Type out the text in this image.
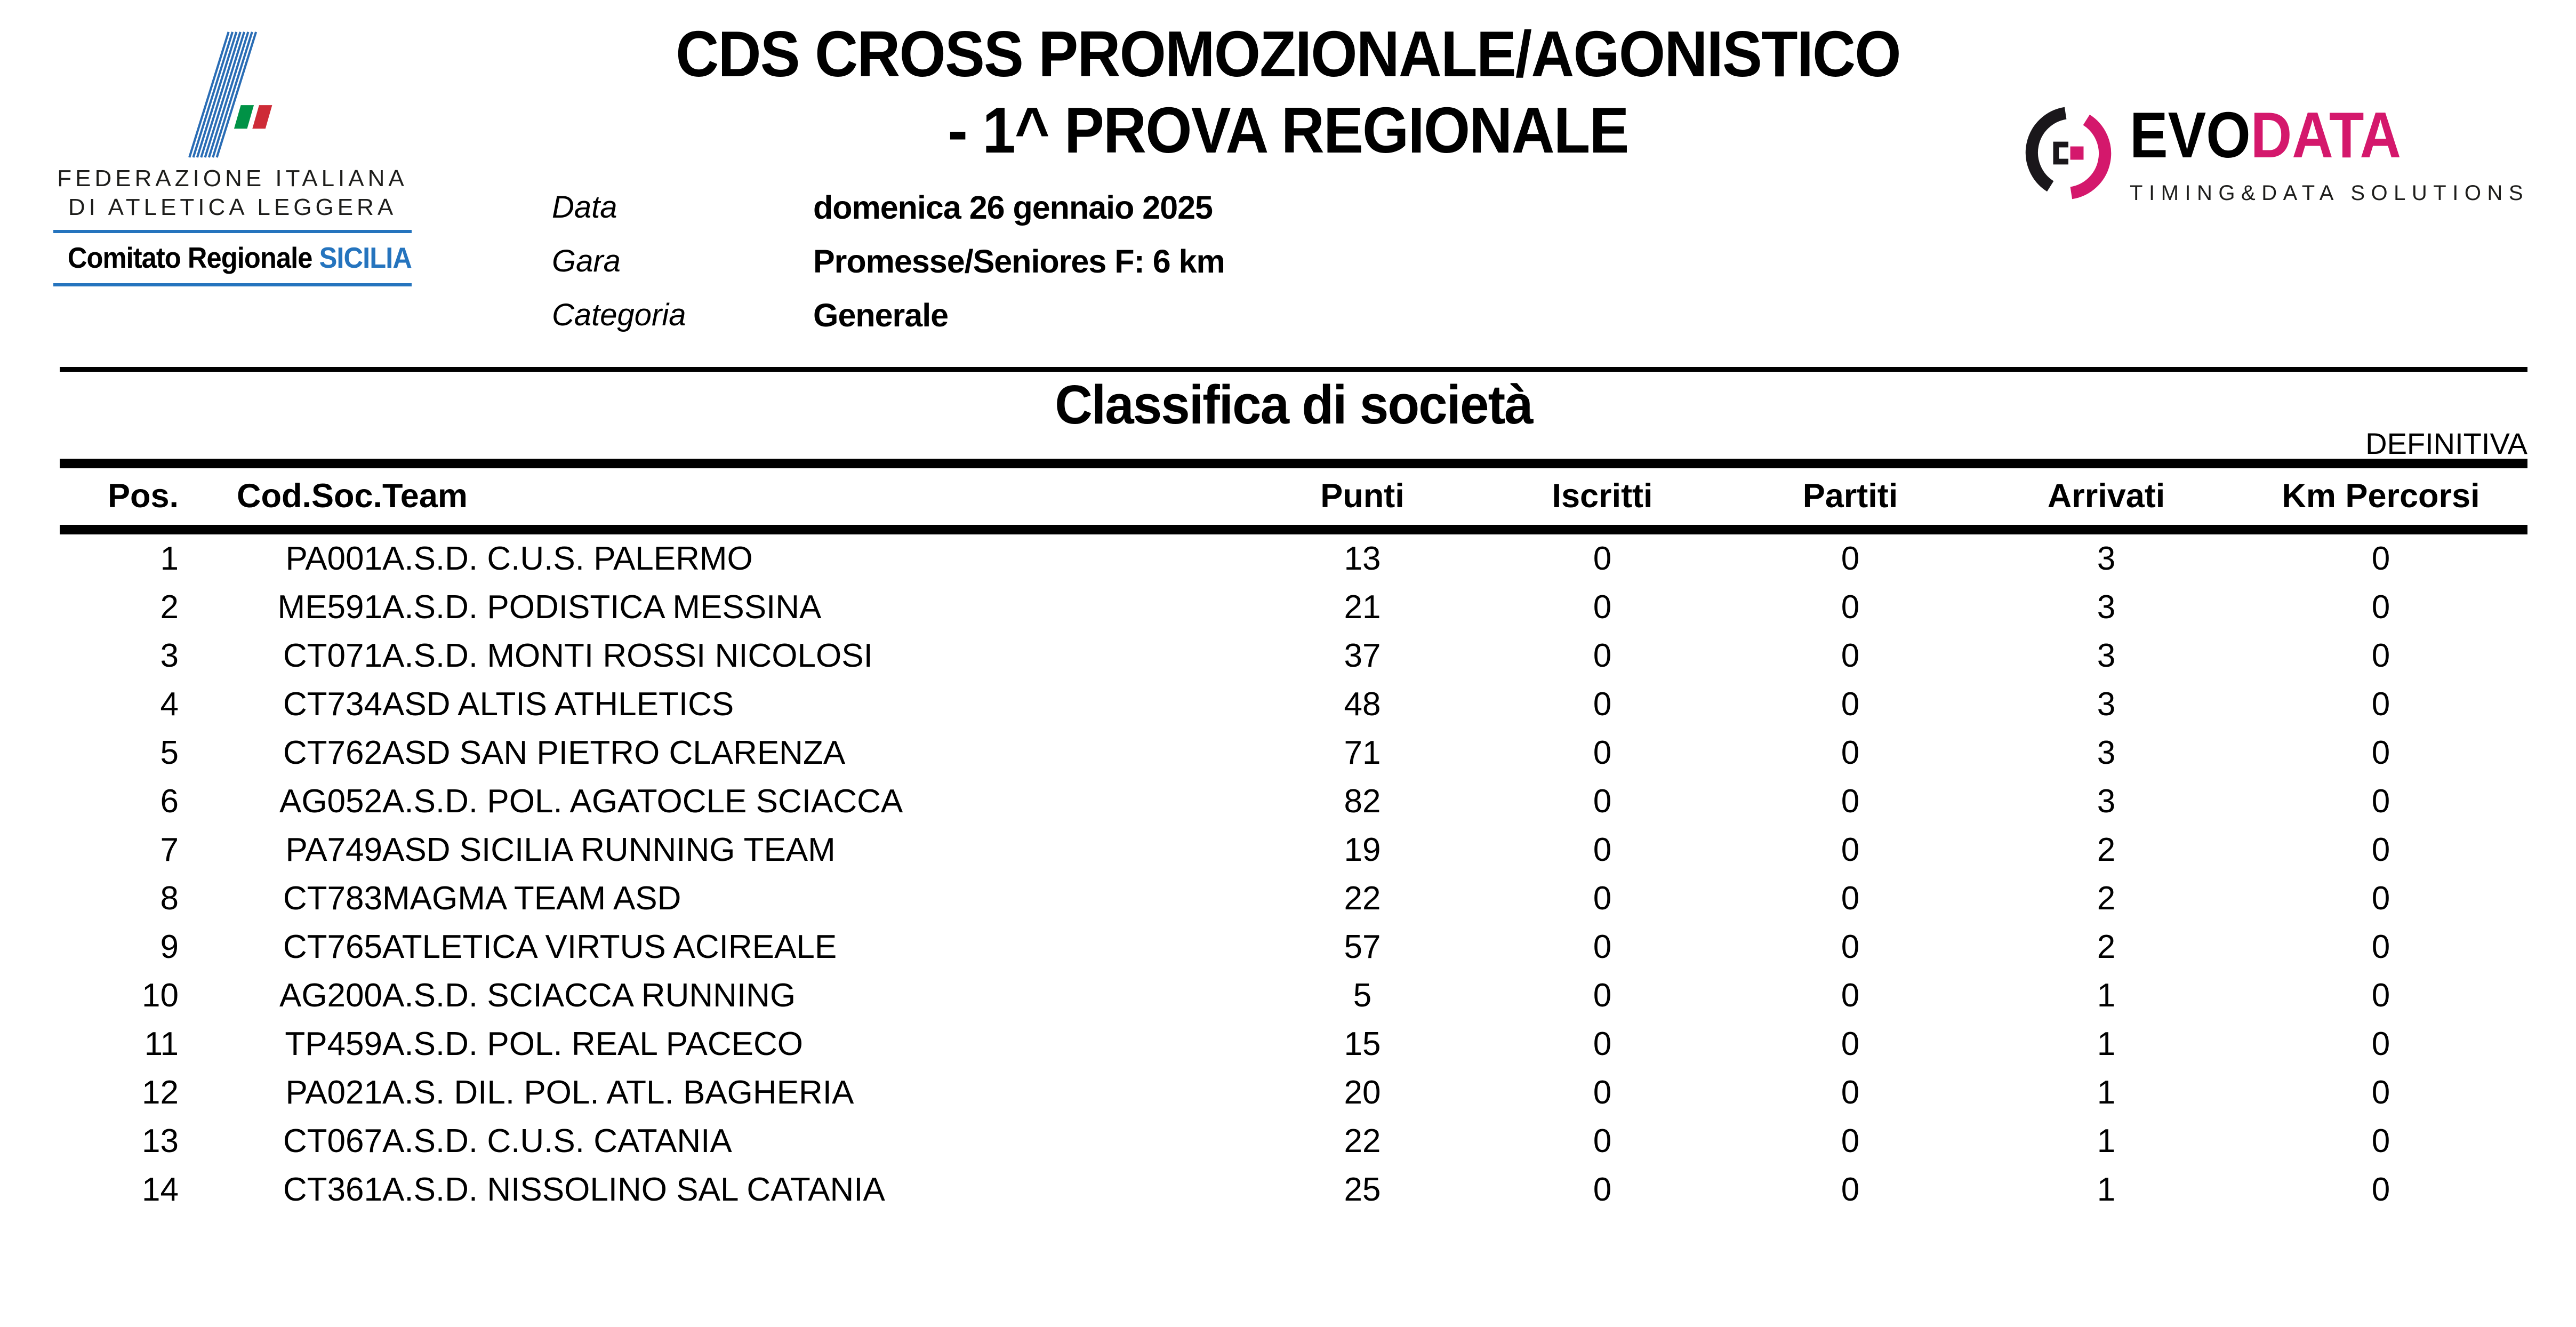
FEDERAZIONE ITALIANA
DI ATLETICA LEGGERA
Comitato Regionale SICILIA
CDS CROSS PROMOZIONALE/AGONISTICO
- 1^ PROVA REGIONALE
Data	domenica 26 gennaio 2025
Gara	Promesse/Seniores F: 6 km
Categoria	Generale
EVODATA
TIMING&DATA SOLUTIONS
Classifica di società
DEFINITIVA
Pos.	Cod.Soc.	Team	Punti	Iscritti	Partiti	Arrivati	Km Percorsi
1	PA001	A.S.D. C.U.S. PALERMO	13	0	0	3	0
2	ME591	A.S.D. PODISTICA MESSINA	21	0	0	3	0
3	CT071	A.S.D. MONTI ROSSI NICOLOSI	37	0	0	3	0
4	CT734	ASD ALTIS ATHLETICS	48	0	0	3	0
5	CT762	ASD SAN PIETRO CLARENZA	71	0	0	3	0
6	AG052	A.S.D. POL. AGATOCLE SCIACCA	82	0	0	3	0
7	PA749	ASD SICILIA RUNNING TEAM	19	0	0	2	0
8	CT783	MAGMA TEAM ASD	22	0	0	2	0
9	CT765	ATLETICA VIRTUS ACIREALE	57	0	0	2	0
10	AG200	A.S.D. SCIACCA RUNNING	5	0	0	1	0
11	TP459	A.S.D. POL. REAL PACECO	15	0	0	1	0
12	PA021	A.S. DIL. POL. ATL. BAGHERIA	20	0	0	1	0
13	CT067	A.S.D. C.U.S. CATANIA	22	0	0	1	0
14	CT361	A.S.D. NISSOLINO SAL CATANIA	25	0	0	1	0
